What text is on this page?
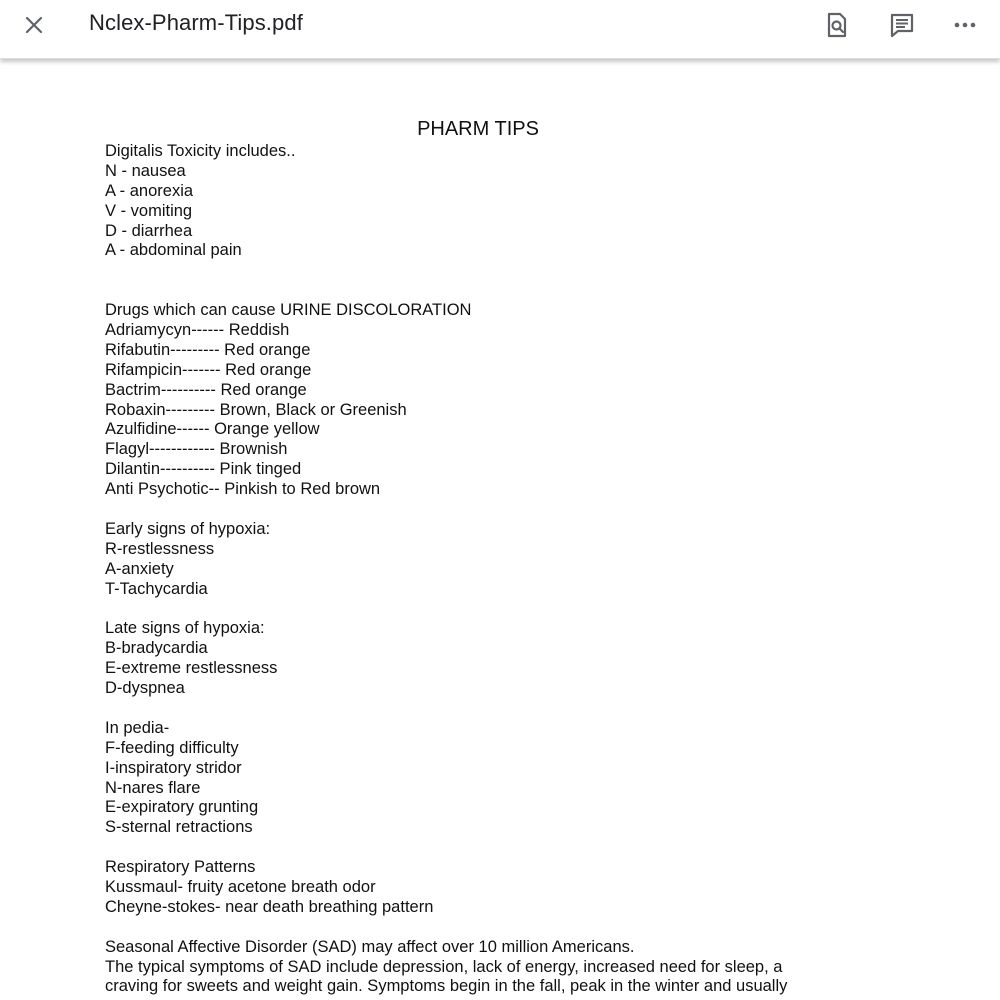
Nclex-Pharm-Tips.pdf
PHARM TIPS
Digitalis Toxicity includes..
N - nausea
A - anorexia
V - vomiting
D - diarrhea
A - abdominal pain
Drugs which can cause URINE DISCOLORATION
Adriamycyn------ Reddish
Rifabutin--------- Red orange
Rifampicin------- Red orange
Bactrim---------- Red orange
Robaxin--------- Brown, Black or Greenish
Azulfidine------ Orange yellow
Flagyl------------ Brownish
Dilantin---------- Pink tinged
Anti Psychotic-- Pinkish to Red brown
Early signs of hypoxia:
R-restlessness
A-anxiety
T-Tachycardia
Late signs of hypoxia:
B-bradycardia
E-extreme restlessness
D-dyspnea
In pedia-
F-feeding difficulty
I-inspiratory stridor
N-nares flare
E-expiratory grunting
S-sternal retractions
Respiratory Patterns
Kussmaul- fruity acetone breath odor
Cheyne-stokes- near death breathing pattern
Seasonal Affective Disorder (SAD) may affect over 10 million Americans.
The typical symptoms of SAD include depression, lack of energy, increased need for sleep, a
craving for sweets and weight gain. Symptoms begin in the fall, peak in the winter and usually
